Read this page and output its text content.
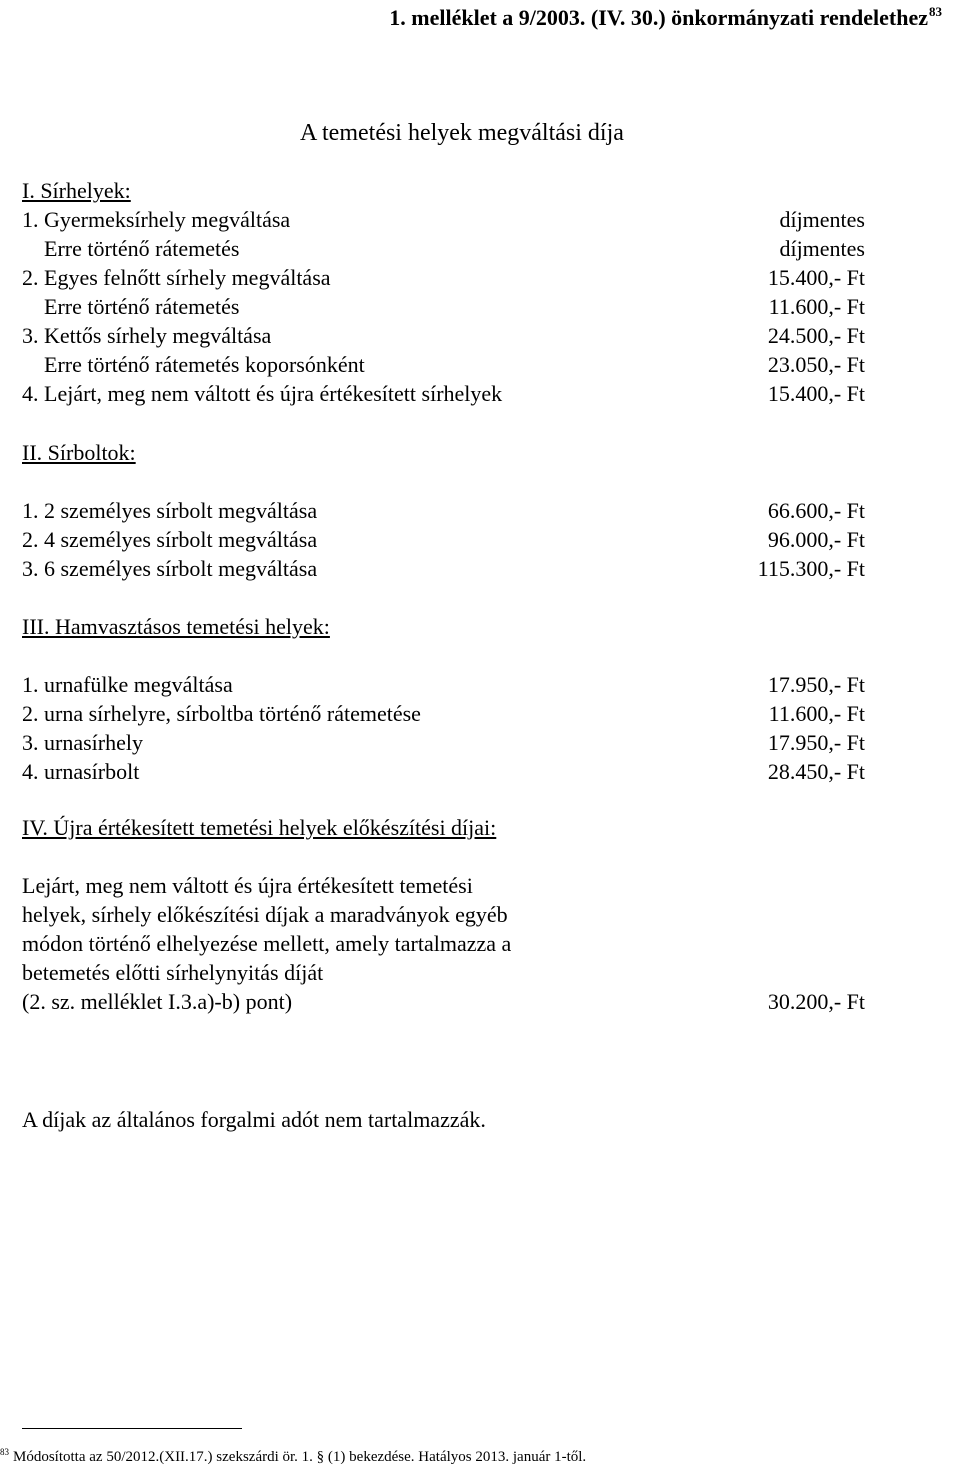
1. melléklet a 9/2003. (IV. 30.) önkormányzati rendelethez$^{83}$
A temetési helyek megváltási díja
I. Sírhelyek:
1. Gyermeksírhely megváltása	díjmentes
Erre történő rátemetés	díjmentes
2. Egyes felnőtt sírhely megváltása	15.400,- Ft
Erre történő rátemetés	11.600,- Ft
3. Kettős sírhely megváltása	24.500,- Ft
Erre történő rátemetés koporsónként	23.050,- Ft
4. Lejárt, meg nem váltott és újra értékesített sírhelyek	15.400,- Ft
II. Sírboltok:
1. 2 személyes sírbolt megváltása	66.600,- Ft
2. 4 személyes sírbolt megváltása	96.000,- Ft
3. 6 személyes sírbolt megváltása	115.300,- Ft
III. Hamvasztásos temetési helyek:
1. urnafülke megváltása	17.950,- Ft
2. urna sírhelyre, sírboltba történő rátemetése	11.600,- Ft
3. urnasírhely	17.950,- Ft
4. urnasírbolt	28.450,- Ft
IV. Újra értékesített temetési helyek előkészítési díjai:
Lejárt, meg nem váltott és újra értékesített temetési
helyek, sírhely előkészítési díjak a maradványok egyéb
módon történő elhelyezése mellett, amely tartalmazza a
betemetés előtti sírhelynyitás díját
(2. sz. melléklet I.3.a)-b) pont)	30.200,- Ft
A díjak az általános forgalmi adót nem tartalmazzák.
$^{83}$ Módosította az 50/2012.(XII.17.) szekszárdi ör. 1. § (1) bekezdése. Hatályos 2013. január 1-től.
